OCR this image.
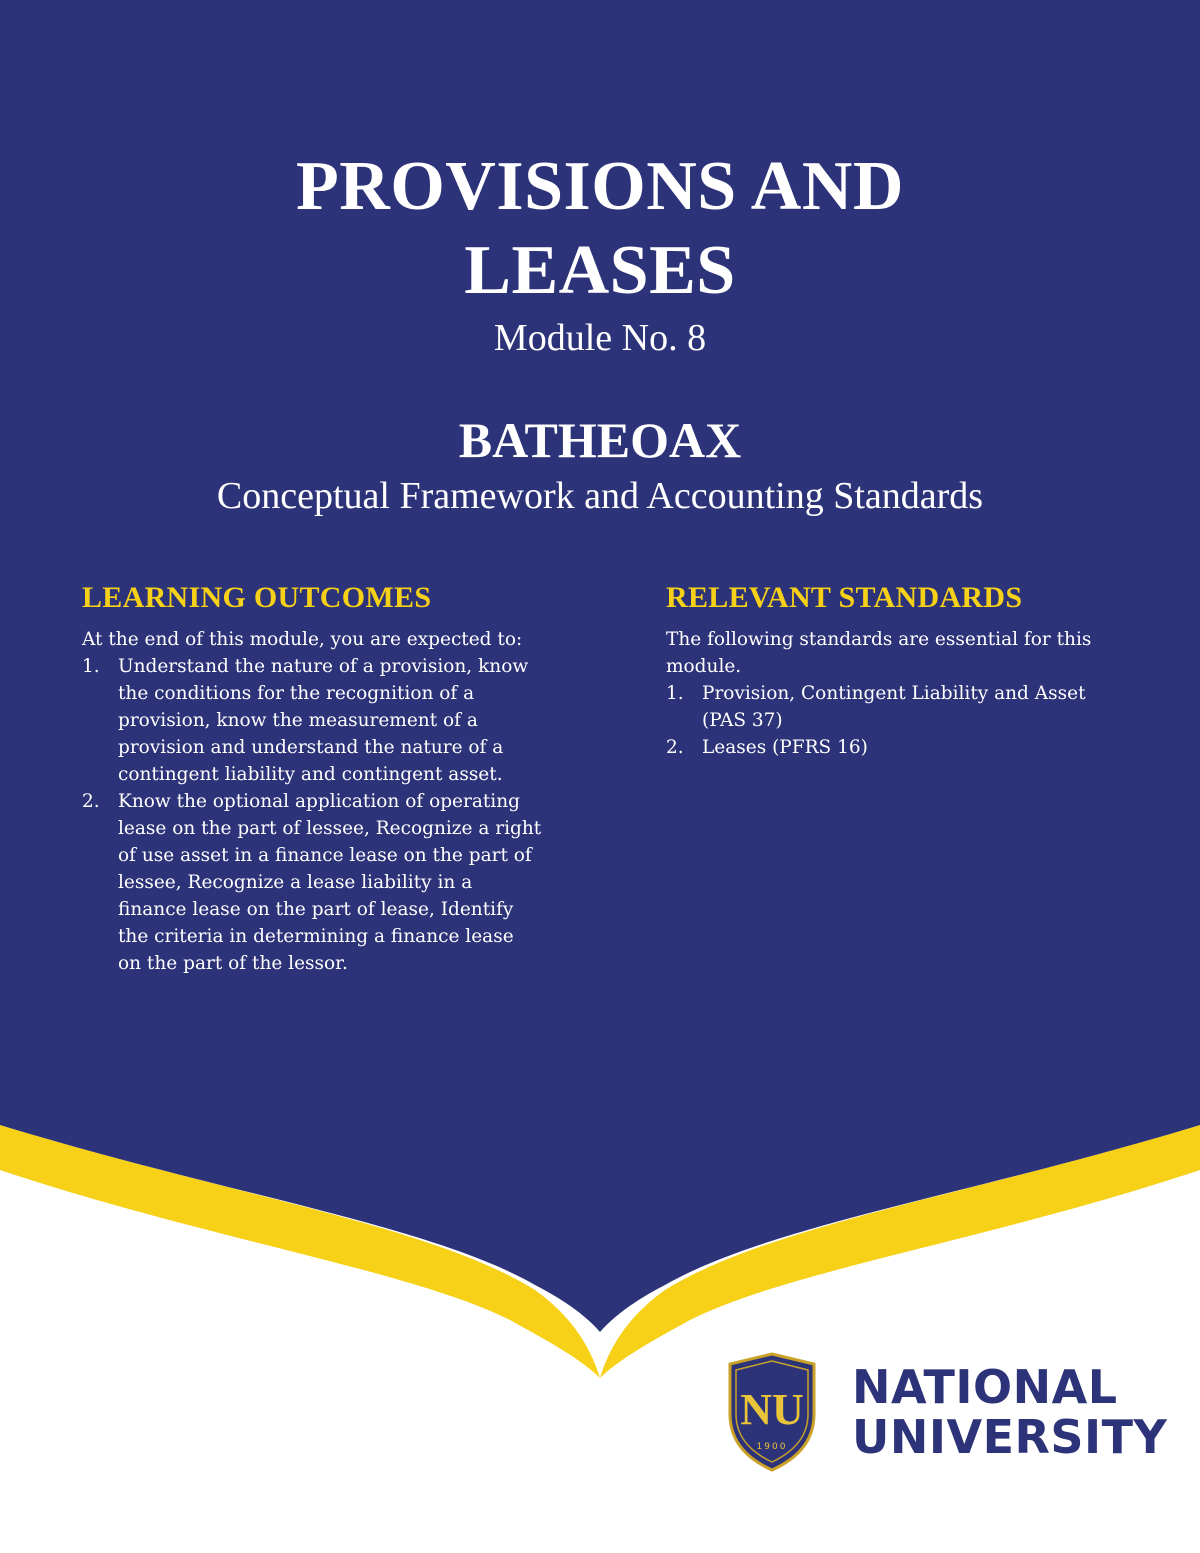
PROVISIONS AND
LEASES
Module No. 8
BATHEOAX
Conceptual Framework and Accounting Standards
LEARNING OUTCOMES

At the end of this module, you are expected to:

1. Understand the nature of a provision, know the conditions for the recognition of a provision, know the measurement of a provision and understand the nature of a contingent liability and contingent asset.
2. Know the optional application of operating lease on the part of lessee, Recognize a right of use asset in a finance lease on the part of lessee, Recognize a lease liability in a finance lease on the part of lease, Identify the criteria in determining a finance lease on the part of the lessor.
RELEVANT STANDARDS

The following standards are essential for this module.

1. Provision, Contingent Liability and Asset (PAS 37)
2. Leases (PFRS 16)
NU
1900
NATIONAL
UNIVERSITY
